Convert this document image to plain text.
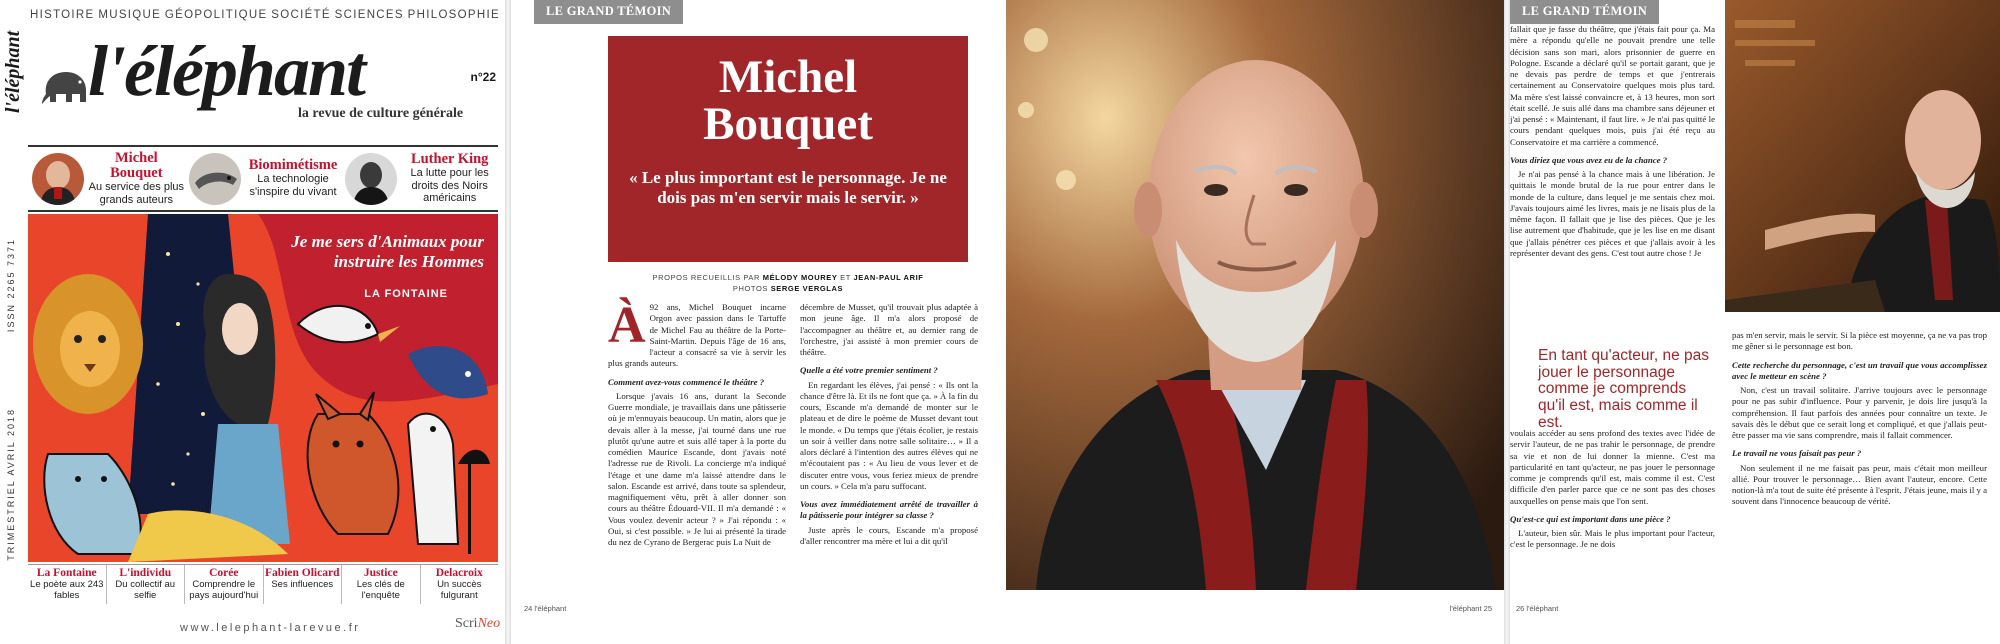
l'éléphant
ISSN 2265 7371
TRIMESTRIEL AVRIL 2018
HISTOIRE MUSIQUE GÉOPOLITIQUE SOCIÉTÉ SCIENCES PHILOSOPHIE
l'éléphant	n°22
la revue de culture générale
Michel Bouquet
Au service des plus grands auteurs
Biomimétisme
La technologie s'inspire du vivant
Luther King
La lutte pour les droits des Noirs américains
Je me sers d'Animaux pour instruire les Hommes
LA FONTAINE
La Fontaine
Le poète aux 243 fables
L'individu
Du collectif au selfie
Corée
Comprendre le pays aujourd'hui
Fabien Olicard
Ses influences
Justice
Les clés de l'enquête
Delacroix
Un succès fulgurant
www.lelephant-larevue.fr	ScriNeo
LE GRAND TÉMOIN
Michel
Bouquet
« Le plus important est le personnage. Je ne dois pas m'en servir mais le servir. »
PROPOS RECUEILLIS PAR MÉLODY MOUREY ET JEAN-PAUL ARIF
PHOTOS SERGE VERGLAS
À 92 ans, Michel Bouquet incarne Orgon avec passion dans le Tartuffe de Michel Fau au théâtre de la Porte-Saint-Martin. Depuis l'âge de 16 ans, l'acteur a consacré sa vie à servir les plus grands auteurs.

Comment avez-vous commencé le théâtre ?

Lorsque j'avais 16 ans, durant la Seconde Guerre mondiale, je travaillais dans une pâtisserie où je m'ennuyais beaucoup. Un matin, alors que je devais aller à la messe, j'ai tourné dans une rue plutôt qu'une autre et suis allé taper à la porte du comédien Maurice Escande, dont j'avais noté l'adresse rue de Rivoli. La concierge m'a indiqué l'étage et une dame m'a laissé attendre dans le salon. Escande est arrivé, dans toute sa splendeur, magnifiquement vêtu, prêt à aller donner son cours au théâtre Édouard-VII. Il m'a demandé : « Vous voulez devenir acteur ? » J'ai répondu : « Oui, si c'est possible. » Je lui ai présenté la tirade du nez de Cyrano de Bergerac puis La Nuit de

décembre de Musset, qu'il trouvait plus adaptée à mon jeune âge. Il m'a alors proposé de l'accompagner au théâtre et, au dernier rang de l'orchestre, j'ai assisté à mon premier cours de théâtre.

Quelle a été votre premier sentiment ?

En regardant les élèves, j'ai pensé : « Ils ont la chance d'être là. Et ils ne font que ça. » À la fin du cours, Escande m'a demandé de monter sur le plateau et de dire le poème de Musset devant tout le monde. « Du temps que j'étais écolier, je restais un soir à veiller dans notre salle solitaire… » Il a alors déclaré à l'intention des autres élèves qui ne m'écoutaient pas : « Au lieu de vous lever et de discuter entre vous, vous feriez mieux de prendre un cours. » Cela m'a paru suffocant.

Vous avez immédiatement arrêté de travailler à la pâtisserie pour intégrer sa classe ?

Juste après le cours, Escande m'a proposé d'aller rencontrer ma mère et lui a dit qu'il

24 l'éléphant	l'éléphant 25
LE GRAND TÉMOIN

fallait que je fasse du théâtre, que j'étais fait pour ça. Ma mère a répondu qu'elle ne pouvait prendre une telle décision sans son mari, alors prisonnier de guerre en Pologne. Escande a déclaré qu'il se portait garant, que je ne devais pas perdre de temps et que j'entrerais certainement au Conservatoire quelques mois plus tard. Ma mère s'est laissé convaincre et, à 13 heures, mon sort était scellé. Je suis allé dans ma chambre sans déjeuner et j'ai pensé : « Maintenant, il faut lire. » Je n'ai pas quitté le cours pendant quelques mois, puis j'ai été reçu au Conservatoire et ma carrière a commencé.

Vous diriez que vous avez eu de la chance ?

Je n'ai pas pensé à la chance mais à une libération. Je quittais le monde brutal de la rue pour entrer dans le monde de la culture, dans lequel je me sentais chez moi. J'avais toujours aimé les livres, mais je ne lisais plus de la même façon. Il fallait que je lise des pièces. Que je les lise autrement que d'habitude, que je les lise en me disant que j'allais pénétrer ces pièces et que j'allais avoir à les représenter devant des gens. C'est tout autre chose ! Je

En tant qu'acteur, ne pas jouer le personnage comme je comprends qu'il est, mais comme il est.

voulais accéder au sens profond des textes avec l'idée de servir l'auteur, de ne pas trahir le personnage, de prendre sa vie et non de lui donner la mienne. C'est ma particularité en tant qu'acteur, ne pas jouer le personnage comme je comprends qu'il est, mais comme il est. C'est difficile d'en parler parce que ce ne sont pas des choses auxquelles on pense mais que l'on sent.

Qu'est-ce qui est important dans une pièce ?

L'auteur, bien sûr. Mais le plus important pour l'acteur, c'est le personnage. Je ne dois

pas m'en servir, mais le servir. Si la pièce est moyenne, ça ne va pas trop me gêner si le personnage est bon.

Cette recherche du personnage, c'est un travail que vous accomplissez avec le metteur en scène ?

Non, c'est un travail solitaire. J'arrive toujours avec le personnage pour ne pas subir d'influence. Pour y parvenir, je dois lire jusqu'à la compréhension. Il faut parfois des années pour connaître un texte. Je savais dès le début que ce serait long et compliqué, et que j'allais peut-être passer ma vie sans comprendre, mais il fallait commencer.

Le travail ne vous faisait pas peur ?

Non seulement il ne me faisait pas peur, mais c'était mon meilleur allié. Pour trouver le personnage… Bien avant l'auteur, encore. Cette notion-là m'a tout de suite été présente à l'esprit. J'étais jeune, mais il y a souvent dans l'innocence beaucoup de vérité.

26 l'éléphant
